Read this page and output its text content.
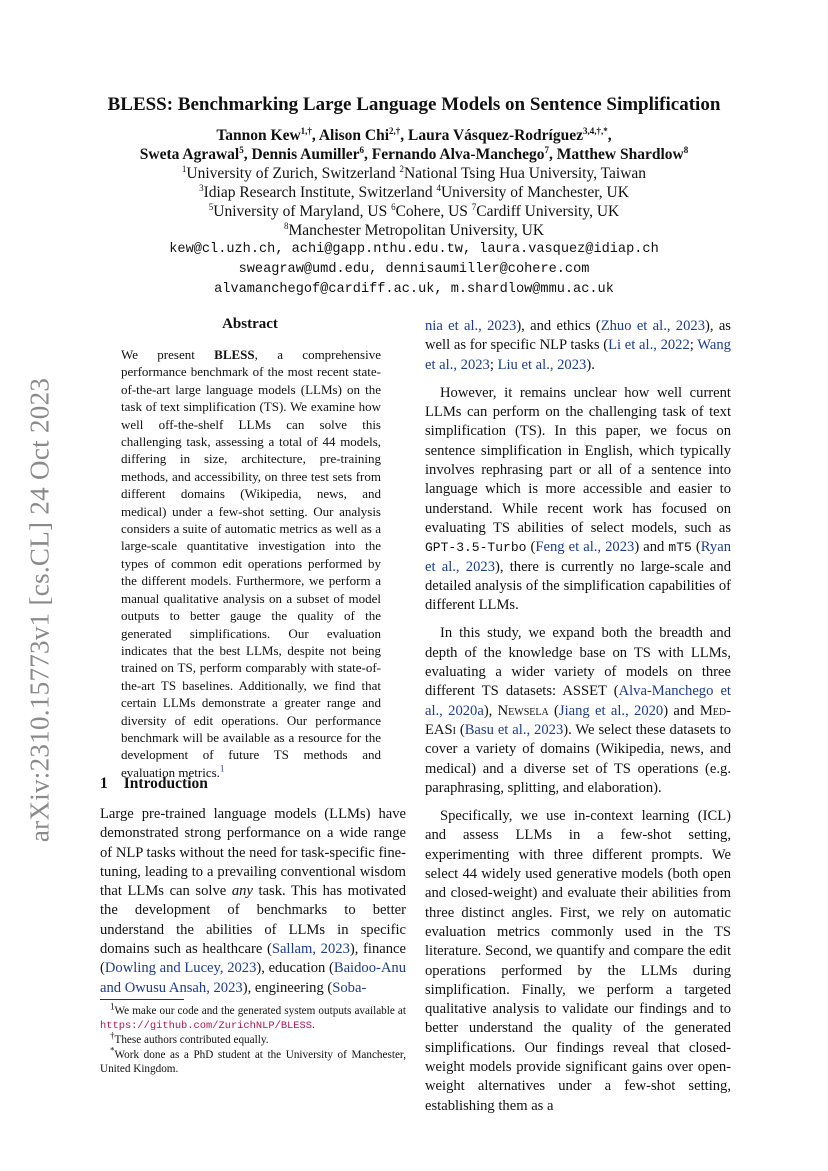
arXiv:2310.15773v1 [cs.CL] 24 Oct 2023
BLESS: Benchmarking Large Language Models on Sentence Simplification
Tannon Kew$^{1,\dagger}$, Alison Chi$^{2,\dagger}$, Laura Vásquez-Rodríguez$^{3,4,\dagger,*}$,
Sweta Agrawal$^5$, Dennis Aumiller$^6$, Fernando Alva-Manchego$^7$, Matthew Shardlow$^8$
$^1$University of Zurich, Switzerland $^2$National Tsing Hua University, Taiwan
$^3$Idiap Research Institute, Switzerland $^4$University of Manchester, UK
$^5$University of Maryland, US $^6$Cohere, US $^7$Cardiff University, UK
$^8$Manchester Metropolitan University, UK
kew@cl.uzh.ch, achi@gapp.nthu.edu.tw, laura.vasquez@idiap.ch
sweagraw@umd.edu, dennisaumiller@cohere.com
alvamanchegof@cardiff.ac.uk, m.shardlow@mmu.ac.uk
Abstract
We present BLESS, a comprehensive performance benchmark of the most recent state-of-the-art large language models (LLMs) on the task of text simplification (TS). We examine how well off-the-shelf LLMs can solve this challenging task, assessing a total of 44 models, differing in size, architecture, pre-training methods, and accessibility, on three test sets from different domains (Wikipedia, news, and medical) under a few-shot setting. Our analysis considers a suite of automatic metrics as well as a large-scale quantitative investigation into the types of common edit operations performed by the different models. Furthermore, we perform a manual qualitative analysis on a subset of model outputs to better gauge the quality of the generated simplifications. Our evaluation indicates that the best LLMs, despite not being trained on TS, perform comparably with state-of-the-art TS baselines. Additionally, we find that certain LLMs demonstrate a greater range and diversity of edit operations. Our performance benchmark will be available as a resource for the development of future TS methods and evaluation metrics.$^1$
1 Introduction
Large pre-trained language models (LLMs) have demonstrated strong performance on a wide range of NLP tasks without the need for task-specific fine-tuning, leading to a prevailing conventional wisdom that LLMs can solve any task. This has motivated the development of benchmarks to better understand the abilities of LLMs in specific domains such as healthcare (Sallam, 2023), finance (Dowling and Lucey, 2023), education (Baidoo-Anu and Owusu Ansah, 2023), engineering (Soba-

$^1$We make our code and the generated system outputs available at https://github.com/ZurichNLP/BLESS.

†These authors contributed equally.

*Work done as a PhD student at the University of Manchester, United Kingdom.

nia et al., 2023), and ethics (Zhuo et al., 2023), as well as for specific NLP tasks (Li et al., 2022; Wang et al., 2023; Liu et al., 2023).

However, it remains unclear how well current LLMs can perform on the challenging task of text simplification (TS). In this paper, we focus on sentence simplification in English, which typically involves rephrasing part or all of a sentence into language which is more accessible and easier to understand. While recent work has focused on evaluating TS abilities of select models, such as GPT-3.5-Turbo (Feng et al., 2023) and mT5 (Ryan et al., 2023), there is currently no large-scale and detailed analysis of the simplification capabilities of different LLMs.

In this study, we expand both the breadth and depth of the knowledge base on TS with LLMs, evaluating a wider variety of models on three different TS datasets: ASSET (Alva-Manchego et al., 2020a), Newsela (Jiang et al., 2020) and Med-EASi (Basu et al., 2023). We select these datasets to cover a variety of domains (Wikipedia, news, and medical) and a diverse set of TS operations (e.g. paraphrasing, splitting, and elaboration).

Specifically, we use in-context learning (ICL) and assess LLMs in a few-shot setting, experimenting with three different prompts. We select 44 widely used generative models (both open and closed-weight) and evaluate their abilities from three distinct angles. First, we rely on automatic evaluation metrics commonly used in the TS literature. Second, we quantify and compare the edit operations performed by the LLMs during simplification. Finally, we perform a targeted qualitative analysis to validate our findings and to better understand the quality of the generated simplifications. Our findings reveal that closed-weight models provide significant gains over open-weight alternatives under a few-shot setting, establishing them as a
